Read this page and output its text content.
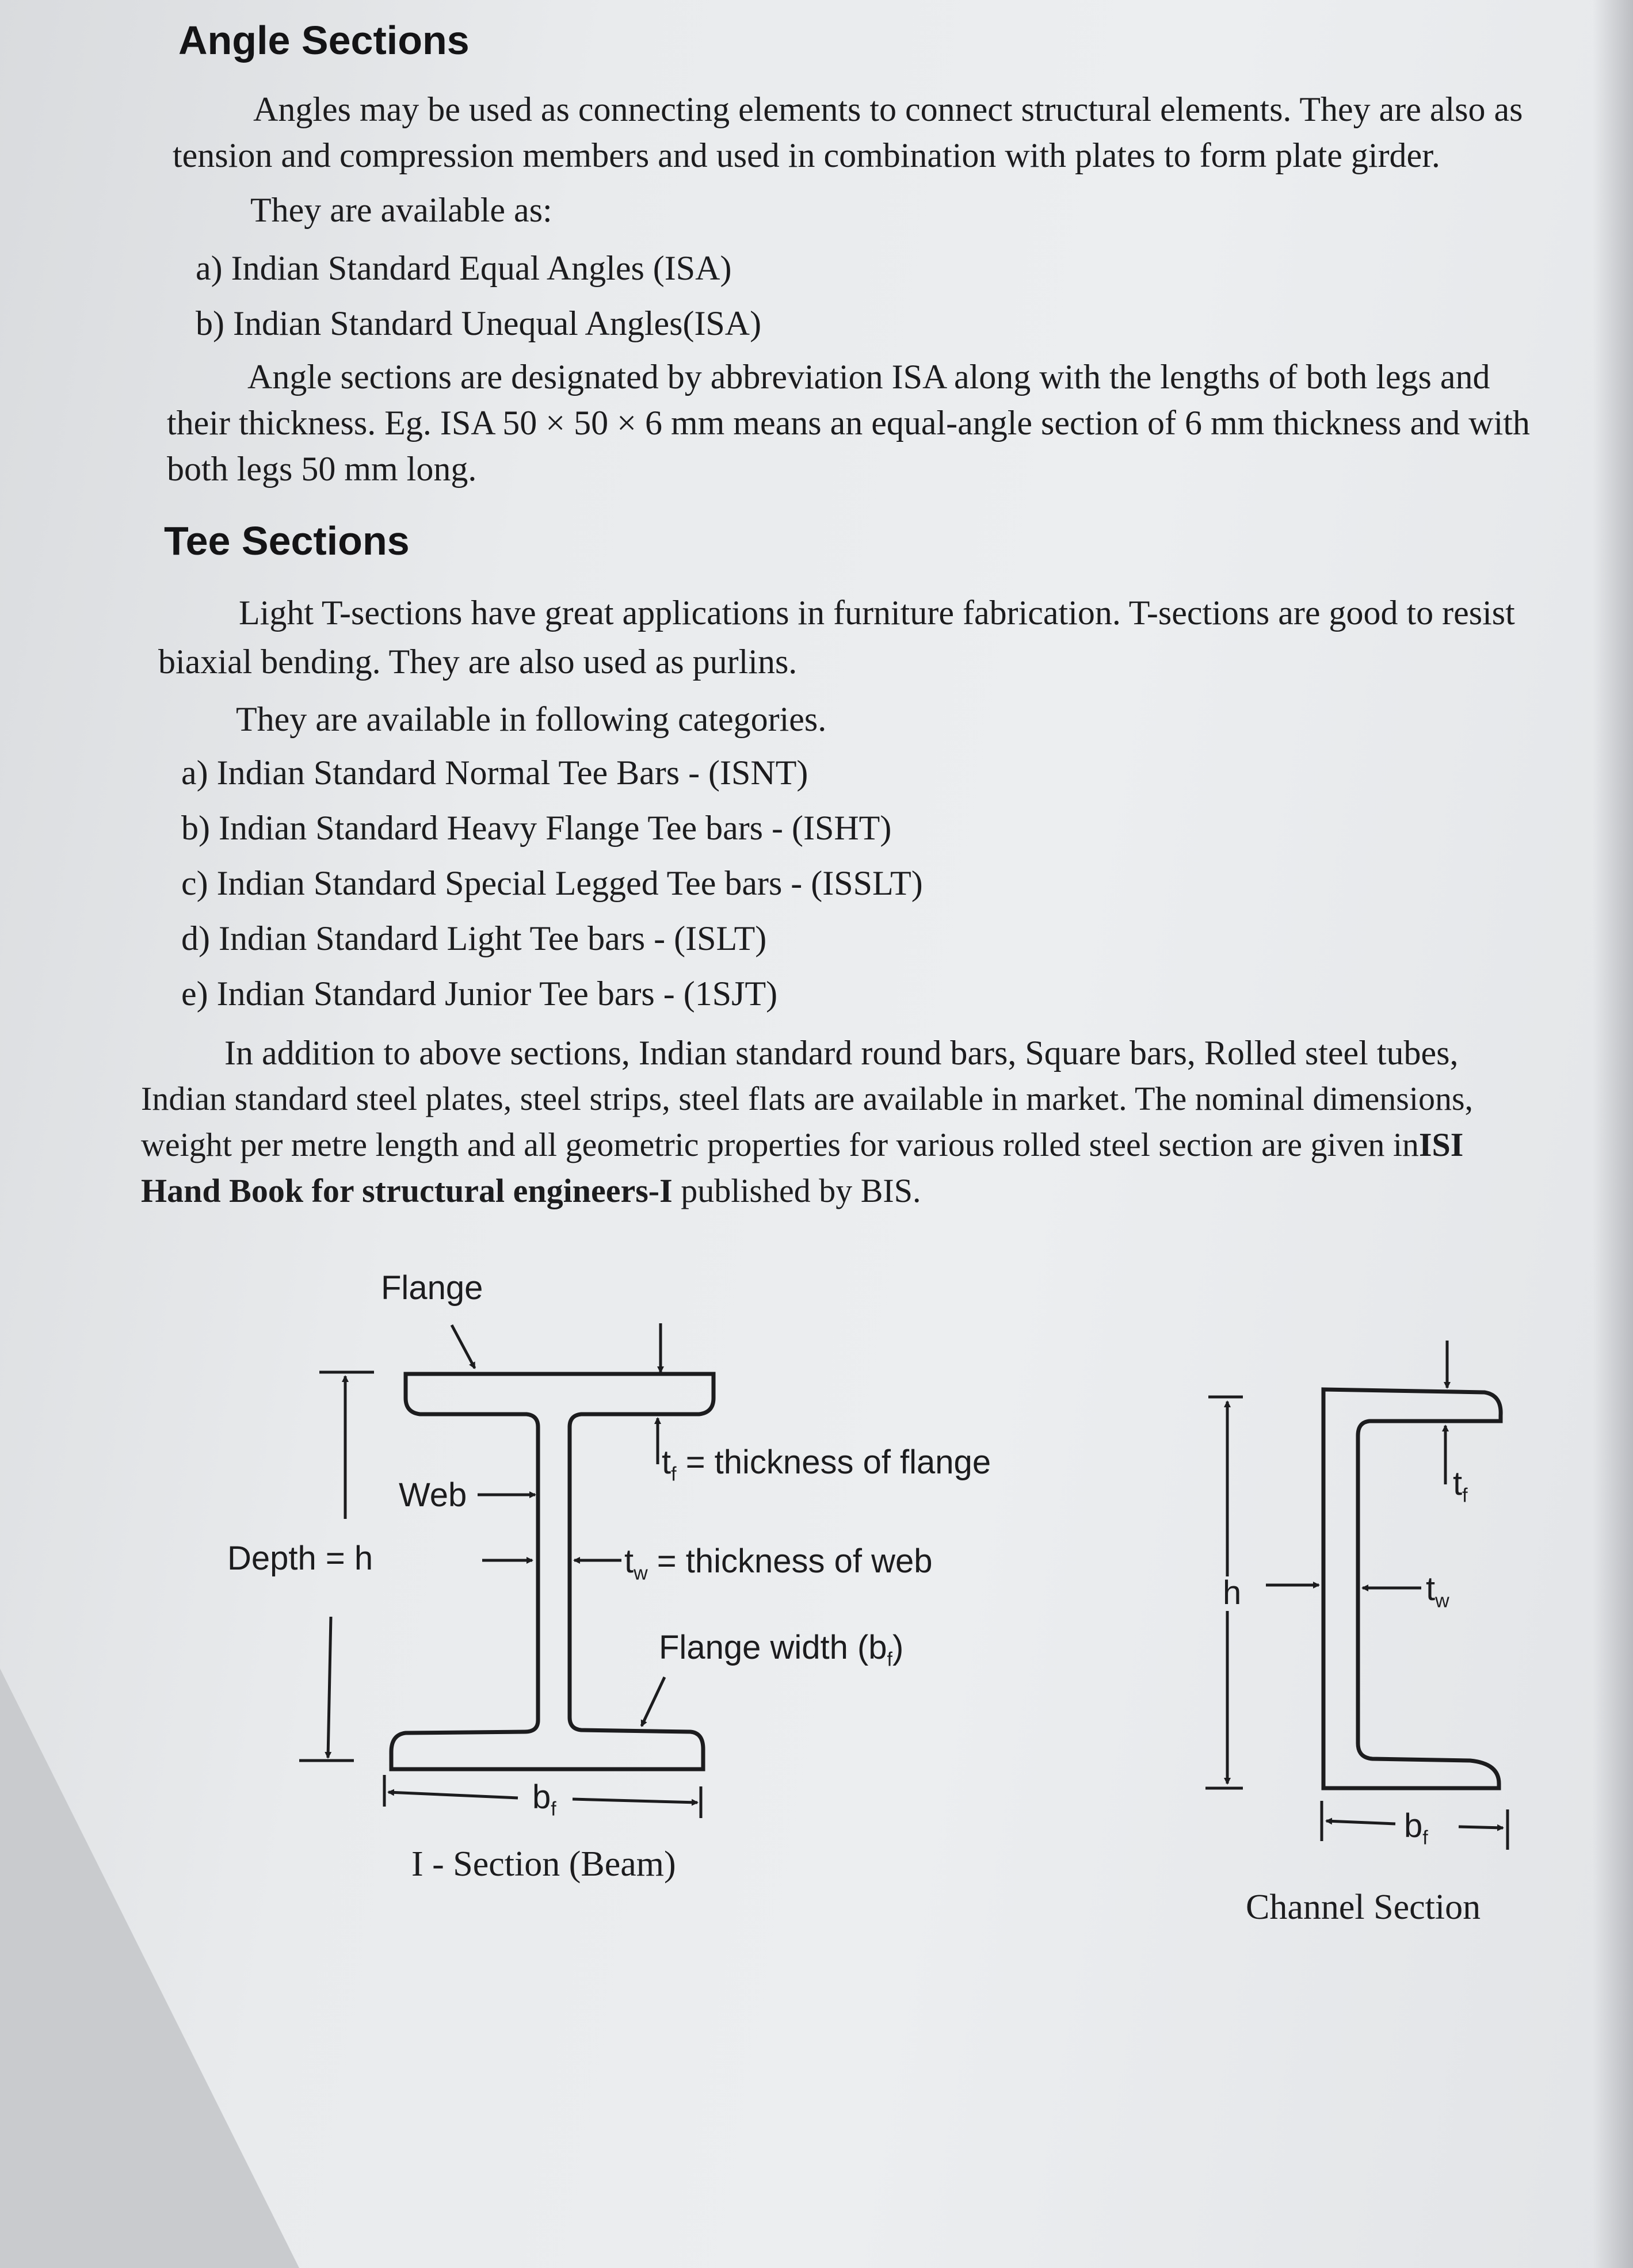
Angle Sections
Angles may be used as connecting elements to connect structural elements. They are also as
tension and compression members and used in combination with plates to form plate girder.
They are available as:
a) Indian Standard Equal Angles (ISA)
b) Indian Standard Unequal Angles(ISA)
Angle sections are designated by abbreviation ISA along with the lengths of both legs and
their thickness. Eg. ISA 50 × 50 × 6 mm means an equal-angle section of 6 mm thickness and with
both legs 50 mm long.
Tee Sections
Light T-sections have great applications in furniture fabrication. T-sections are good to resist
biaxial bending. They are also used as purlins.
They are available in following categories.
a) Indian Standard Normal Tee Bars - (ISNT)
b) Indian Standard Heavy Flange Tee bars - (ISHT)
c) Indian Standard Special Legged Tee bars - (ISSLT)
d) Indian Standard Light Tee bars - (ISLT)
e) Indian Standard Junior Tee bars - (1SJT)
In addition to above sections, Indian standard round bars, Square bars, Rolled steel tubes,
Indian standard steel plates, steel strips, steel flats are available in market. The nominal dimensions,
weight per metre length and all geometric properties for various rolled steel section are given inISI
Hand Book for structural engineers-I published by BIS.
Flange
Web
Depth = h
$t_f$ = thickness of flange
$t_w$ = thickness of web
Flange width $(b_f)$
$b_f$
I - Section (Beam)
h
$t_f$
$t_w$
$b_f$
Channel Section
